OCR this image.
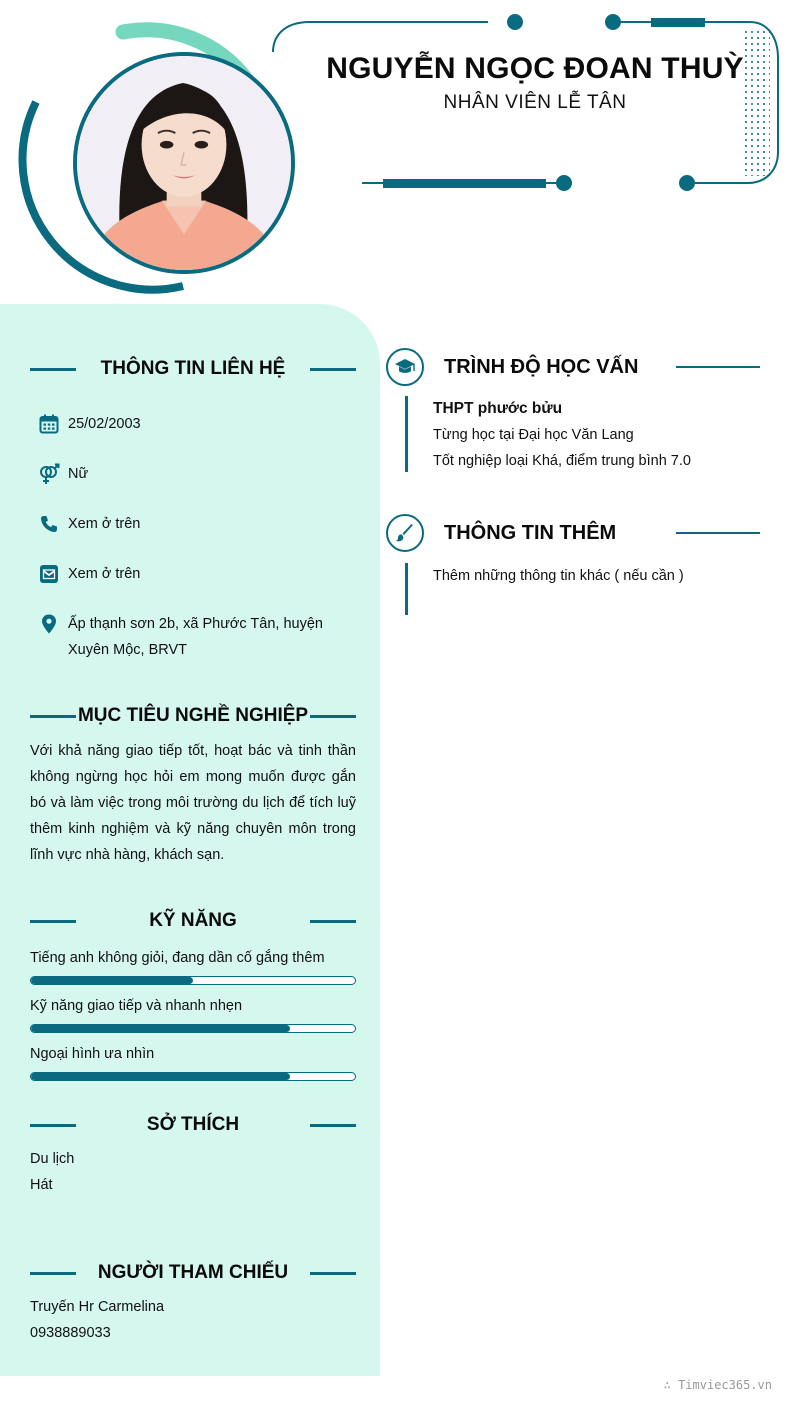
NGUYỄN NGỌC ĐOAN THUỲ
NHÂN VIÊN LỄ TÂN
THÔNG TIN LIÊN HỆ
25/02/2003
Nữ
Xem ở trên
Xem ở trên
Ấp thạnh sơn 2b, xã Phước Tân, huyện Xuyên Mộc, BRVT
MỤC TIÊU NGHỀ NGHIỆP
Với khả năng giao tiếp tốt, hoạt bác và tinh thần không ngừng học hỏi em mong muốn được gắn bó và làm việc trong môi trường du lịch để tích luỹ thêm kinh nghiệm và kỹ năng chuyên môn trong lĩnh vực nhà hàng, khách sạn.
KỸ NĂNG
Tiếng anh không giỏi, đang dần cố gắng thêm
Kỹ năng giao tiếp và nhanh nhẹn
Ngoại hình ưa nhìn
SỞ THÍCH
Du lịch
Hát
NGƯỜI THAM CHIẾU
Truyến Hr Carmelina
0938889033
TRÌNH ĐỘ HỌC VẤN
THPT phước bửu
Từng học tại Đại học Văn Lang
Tốt nghiệp loại Khá, điểm trung bình 7.0
THÔNG TIN THÊM
Thêm những thông tin khác ( nếu cần )
∴ Timviec365.vn
